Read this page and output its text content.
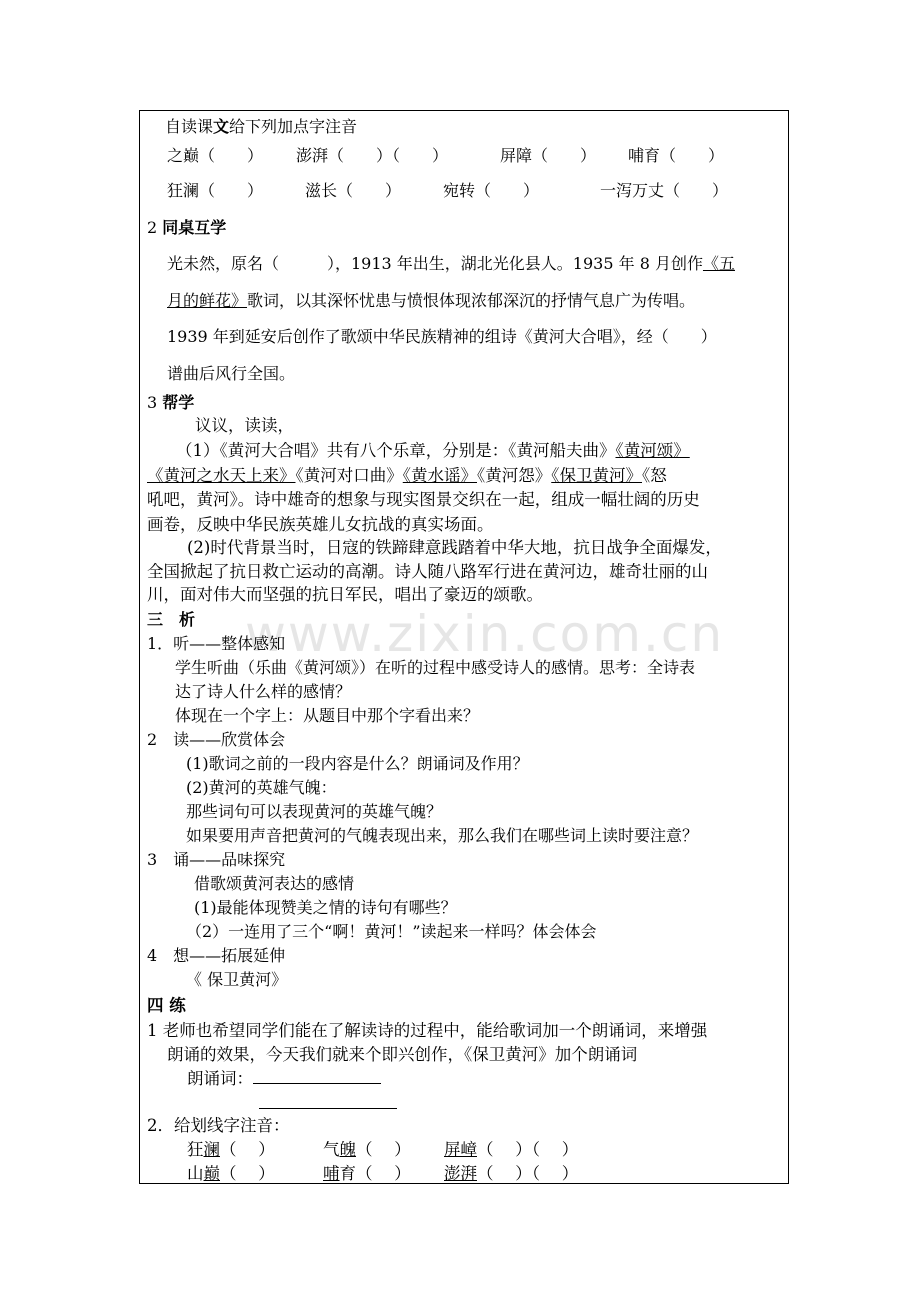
www.zixin.com.cn
自读课文给下列加点字注音
之巅（　　） 澎湃（　　）（　　）	屏障（　　） 哺育（　　）
狂澜（　　）	滋长（　　）	宛转（　　）	一泻万丈（　　）
2 同桌互学
光未然，原名（　　　），1913 年出生，湖北光化县人。1935 年 8 月创作《五
月的鲜花》歌词，以其深怀忧患与愤恨体现浓郁深沉的抒情气息广为传唱。
1939 年到延安后创作了歌颂中华民族精神的组诗《黄河大合唱》，经（　　）
谱曲后风行全国。
3 帮学
议议，读读，
（1）《黄河大合唱》共有八个乐章，分别是：《黄河船夫曲》《黄河颂》
《黄河之水天上来》《黄河对口曲》《黄水谣》《黄河怨》《保卫黄河》《怒
吼吧，黄河》。诗中雄奇的想象与现实图景交织在一起，组成一幅壮阔的历史
画卷，反映中华民族英雄儿女抗战的真实场面。
(2)时代背景当时，日寇的铁蹄肆意践踏着中华大地，抗日战争全面爆发，
全国掀起了抗日救亡运动的高潮。诗人随八路军行进在黄河边，雄奇壮丽的山
川，面对伟大而坚强的抗日军民，唱出了豪迈的颂歌。
三　析
1．听——整体感知
学生听曲（乐曲《黄河颂》）在听的过程中感受诗人的感情。思考：全诗表
达了诗人什么样的感情？
体现在一个字上：从题目中那个字看出来？
2　读——欣赏体会
(1)歌词之前的一段内容是什么？朗诵词及作用？
(2)黄河的英雄气魄：
那些词句可以表现黄河的英雄气魄？
如果要用声音把黄河的气魄表现出来，那么我们在哪些词上读时要注意？
3　诵——品味探究
借歌颂黄河表达的感情
(1)最能体现赞美之情的诗句有哪些？
（2）一连用了三个“啊！黄河！”读起来一样吗？体会体会
4　想——拓展延伸
《 保卫黄河》
四 练
1 老师也希望同学们能在了解读诗的过程中，能给歌词加一个朗诵词，来增强
朗诵的效果，今天我们就来个即兴创作，《保卫黄河》加个朗诵词
朗诵词：
2．给划线字注音：
狂澜（　 ）	气魄（　 ） 屏嶂（　 ）（　 ）
山巅（　 ）	哺育（　 ） 澎湃（　 ）（　 ）
